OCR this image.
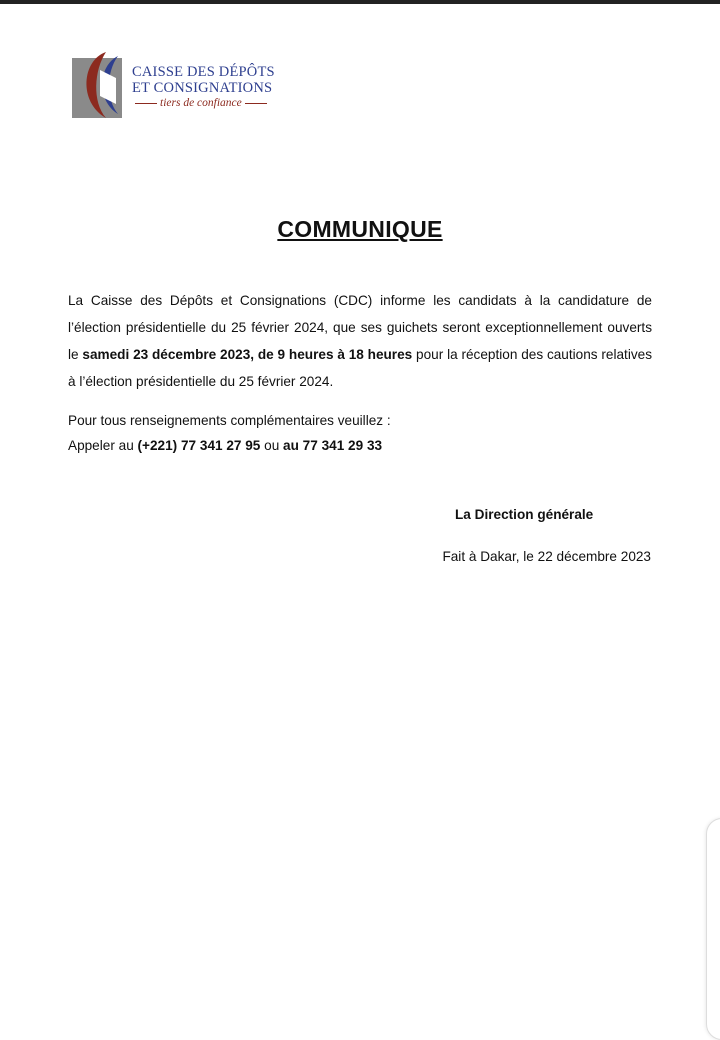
CAISSE DES DÉPÔTS
ET CONSIGNATIONS
tiers de confiance
COMMUNIQUE
La Caisse des Dépôts et Consignations (CDC) informe les candidats à la candidature de l’élection présidentielle du 25 février 2024, que ses guichets seront exceptionnellement ouverts le samedi 23 décembre 2023, de 9 heures à 18 heures pour la réception des cautions relatives à l’élection présidentielle du 25 février 2024.
Pour tous renseignements complémentaires veuillez :
Appeler au (+221) 77 341 27 95 ou au 77 341 29 33
La Direction générale
Fait à Dakar, le 22 décembre 2023
